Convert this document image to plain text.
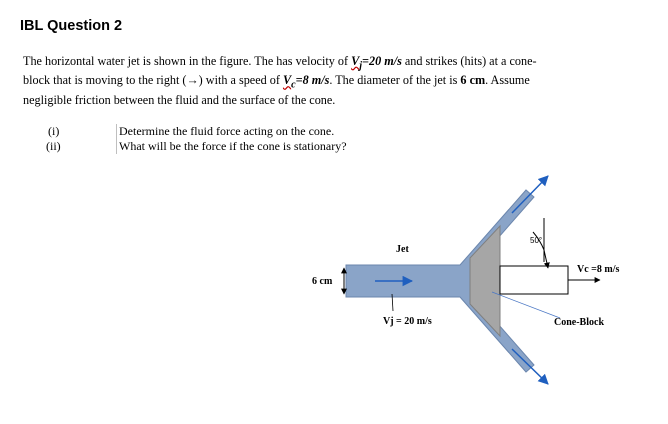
IBL Question 2
The horizontal water jet is shown in the figure. The has velocity of $V_j=20$ m/s and strikes (hits) at a cone-
block that is moving to the right (→) with a speed of $V_c=8$ m/s. The diameter of the jet is 6 cm. Assume
negligible friction between the fluid and the surface of the cone.
(i)	Determine the fluid force acting on the cone.
(ii)	What will be the force if the cone is stationary?
Jet
6 cm
Vj = 20 m/s
50°
Vc =8 m/s
Cone-Block
